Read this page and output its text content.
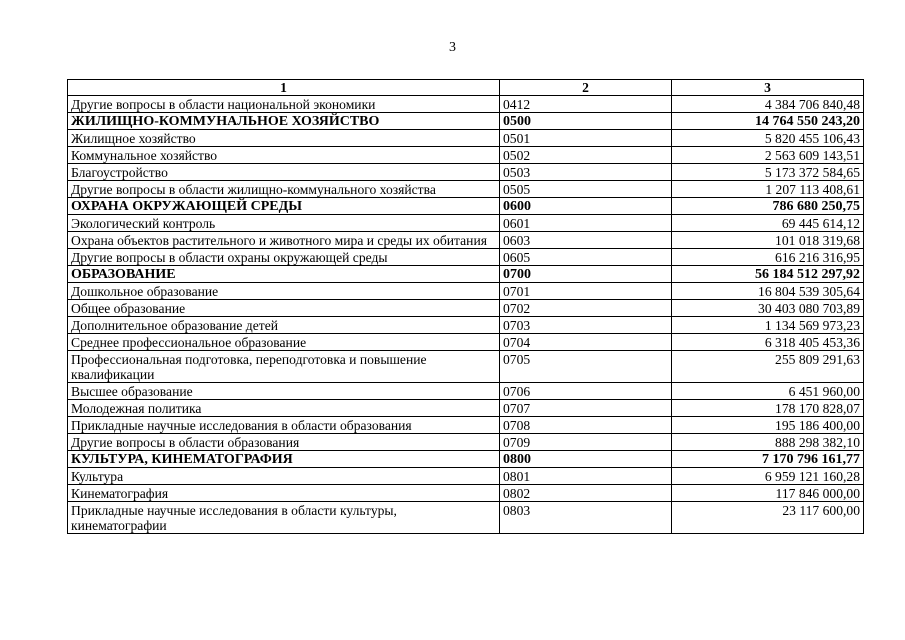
3
1	2	3
Другие вопросы в области национальной экономики	0412	4 384 706 840,48
ЖИЛИЩНО-КОММУНАЛЬНОЕ ХОЗЯЙСТВО	0500	14 764 550 243,20
Жилищное хозяйство	0501	5 820 455 106,43
Коммунальное хозяйство	0502	2 563 609 143,51
Благоустройство	0503	5 173 372 584,65
Другие вопросы в области жилищно-коммунального хозяйства	0505	1 207 113 408,61
ОХРАНА ОКРУЖАЮЩЕЙ СРЕДЫ	0600	786 680 250,75
Экологический контроль	0601	69 445 614,12
Охрана объектов растительного и животного мира и среды их обитания	0603	101 018 319,68
Другие вопросы в области охраны окружающей среды	0605	616 216 316,95
ОБРАЗОВАНИЕ	0700	56 184 512 297,92
Дошкольное образование	0701	16 804 539 305,64
Общее образование	0702	30 403 080 703,89
Дополнительное образование детей	0703	1 134 569 973,23
Среднее профессиональное образование	0704	6 318 405 453,36
Профессиональная подготовка, переподготовка и повышение квалификации	0705	255 809 291,63
Высшее образование	0706	6 451 960,00
Молодежная политика	0707	178 170 828,07
Прикладные научные исследования в области образования	0708	195 186 400,00
Другие вопросы в области образования	0709	888 298 382,10
КУЛЬТУРА, КИНЕМАТОГРАФИЯ	0800	7 170 796 161,77
Культура	0801	6 959 121 160,28
Кинематография	0802	117 846 000,00
Прикладные научные исследования в области культуры, кинематографии	0803	23 117 600,00
